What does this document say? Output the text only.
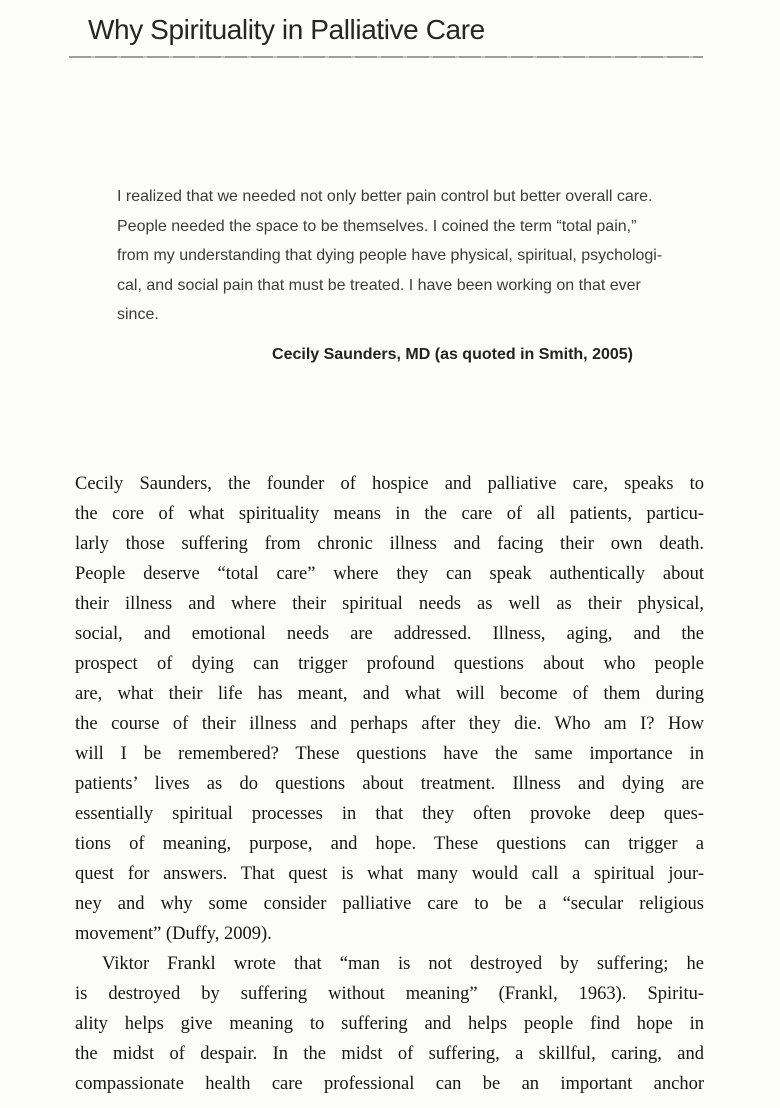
Why Spirituality in Palliative Care
I realized that we needed not only better pain control but better overall care.
People needed the space to be themselves. I coined the term “total pain,”
from my understanding that dying people have physical, spiritual, psychologi-
cal, and social pain that must be treated. I have been working on that ever
since.
Cecily Saunders, MD (as quoted in Smith, 2005)
Cecily Saunders, the founder of hospice and palliative care, speaks to
the core of what spirituality means in the care of all patients, particu-
larly those suffering from chronic illness and facing their own death.
People deserve “total care” where they can speak authentically about
their illness and where their spiritual needs as well as their physical,
social, and emotional needs are addressed. Illness, aging, and the
prospect of dying can trigger profound questions about who people
are, what their life has meant, and what will become of them during
the course of their illness and perhaps after they die. Who am I? How
will I be remembered? These questions have the same importance in
patients’ lives as do questions about treatment. Illness and dying are
essentially spiritual processes in that they often provoke deep ques-
tions of meaning, purpose, and hope. These questions can trigger a
quest for answers. That quest is what many would call a spiritual jour-
ney and why some consider palliative care to be a “secular religious
movement” (Duffy, 2009).
Viktor Frankl wrote that “man is not destroyed by suffering; he
is destroyed by suffering without meaning” (Frankl, 1963). Spiritu-
ality helps give meaning to suffering and helps people find hope in
the midst of despair. In the midst of suffering, a skillful, caring, and
compassionate health care professional can be an important anchor
